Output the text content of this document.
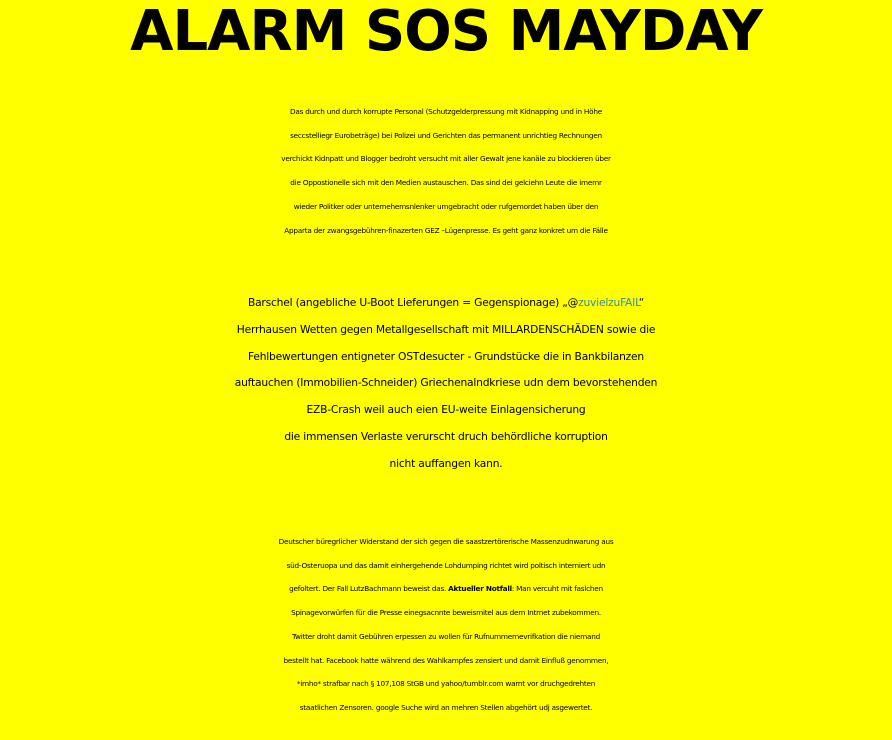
ALARM SOS MAYDAY
Das durch und durch korrupte Personal (Schutzgelderpressung mit Kidnapping und in Höhe
seccstelliegr Eurobeträge) bei Polizei und Gerichten das permanent unrichtieg Rechnungen
verchickt Kidnpatt und Blogger bedroht versucht mit aller Gewalt jene kanäle zu blockieren über
die Oppostionelle sich mit den Medien austauschen. Das sind dei gelciehn Leute die imemr
wieder Politker oder unternehemsnlenker umgebracht oder rufgemordet haben über den
Apparta der zwangsgebühren-finazerten GEZ –Lügenpresse. Es geht ganz konkret um die Fälle
Barschel (angebliche U-Boot Lieferungen = Gegenspionage) „@zuvielzuFAIL“
Herrhausen Wetten gegen Metallgesellschaft mit MILLARDENSCHÄDEN sowie die
Fehlbewertungen entigneter OSTdesucter - Grundstücke die in Bankbilanzen
auftauchen (Immobilien-Schneider) Griechenalndkriese udn dem bevorstehenden
EZB-Crash weil auch eien EU-weite Einlagensicherung
die immensen Verlaste verurscht druch behördliche korruption
nicht auffangen kann.
Deutscher büregrlicher Widerstand der sich gegen die saastzertörerische Massenzudnwarung aus
süd-Osteruopa und das damit einhergehende Lohdumping richtet wird poltisch interniert udn
gefoltert. Der Fall LutzBachmann beweist das. Aktueller Notfall: Man vercuht mit faslchen
Spinagevorwürfen für die Presse einegsacnnte beweismitel aus dem Intrnet zubekommen.
Twitter droht damit Gebühren erpessen zu wollen für Rufnummernevrifkation die niemand
bestellt hat. Facebook hatte während des Wahlkampfes zensiert und damit Einfluß genommen,
*imho* strafbar nach § 107,108 StGB und yahoo/tumblr.com warnt vor druchgedrehten
staatlichen Zensoren. google Suche wird an mehren Stellen abgehört udj asgewertet.
